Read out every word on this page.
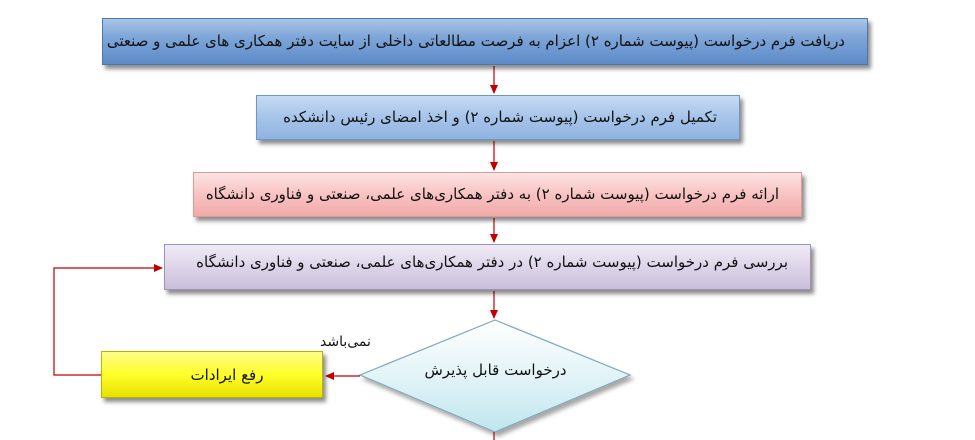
دریافت فرم درخواست (پیوست شماره ۲) اعزام به فرصت مطالعاتی داخلی از سایت دفتر همکاری های علمی و صنعتی
تکمیل فرم درخواست (پیوست شماره ۲) و اخذ امضای رئیس دانشکده
ارائه فرم درخواست (پیوست شماره ۲) به دفتر همکاری‌های علمی، صنعتی و فناوری دانشگاه
بررسی فرم درخواست (پیوست شماره ۲) در دفتر همکاری‌های علمی، صنعتی و فناوری دانشگاه
رفع ایرادات	درخواست قابل پذیرش
نمی‌باشد
